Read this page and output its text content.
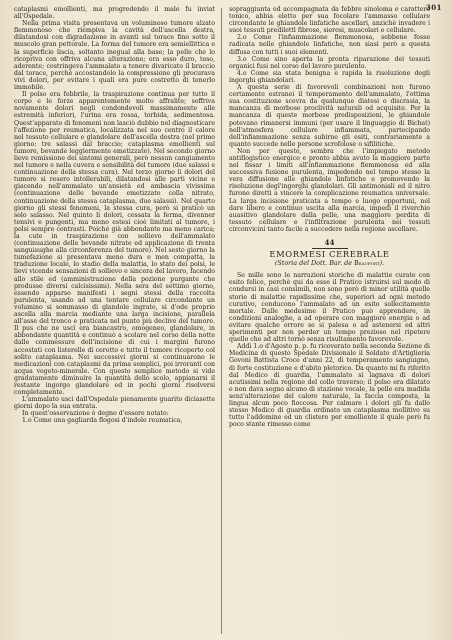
301

cataplasmi emollienti, ma progredendo il male fu inviat all'Ospedale.

Nella prima visita presentava un voluminoso tumore alzato flemmonoso che riempiva la cavità dell'ascella destra, dilatandosi con digradazione in avanti sul torace fino sotto il muscolo gran pettorale. La forma del tumore era semiellittica e la superficie liscia, soltanto inegual alla base; la pelle che lo ricopriva con offriva alcuna alterazione; era esso duro, teso, aderente; costringeva l'ammalato a tenere divaricato il braccio dal torace, perchè accostandolo la compressione gli procurava vivi dolori, per evitare i quali era pure costretto di tenerlo immobile.

Il polso era febbrile, la traspirazione continua per tutto il corpo e le forze apparentemente molto affralite; soffriva novamente dolori negli condondevoli massimamente alle estremità inferiori, l'urina era rossa, torbida, sedimentosa. Quest'apparato di fenomeni non lasciò dubbio nel diagnosticare l'affezione per reumatica, localizzata nel suo centro il calore nel tessuto cellulare e glandolare dell'ascella destra (nel primo giorno: tre salassi dal braccio; cataplasma emollienti sul tumore, bevande leggiermente emetizzate). Nel secondo giorno lieve remissione dei sintomi generali, però nessun cangiamento nel tumore e nella cuvera e sensibilità del tumore (due salassi e continuazione della stessa cura). Nel terzo giorno li dolori del tumore si resero intollerabili, dilatandosi alle parti vicine e giacendo nell'ammalato un'ansietà ed ambascia vivissima (continuazione delle bevande emetizzate colla nitrato, continuazione della stessa cataplasma, due salassi). Nel quarto giorno gli stessi fenomeni, la stessa cura, però si praticò un solo salasso. Nel quinto li dolori, cessata la ferma, divenner tensivi e pungenti, ma meno estesi cioè limitati al tumore, i polsi sempre contrasti. Poiché già abbondante ma meno carica; la cute in traspirazione con sollievo dell'ammalato (continuazione delle bevande nitrate ed applicazione di trenta sanguisughe alla circonferenza del tumore). Nel sesto giorno la tumefazione si presentava meno dura e men compatta, la traduzione locale, lo stadio della malattia, lo stato dei polsi, le lievi vicende sensazioni di sollievo e sincera del lavoro, facendo allo stile ed (amministrazione della pozione purgante che produsse diversi calcisissimi). Nella sera del settimo giorno, essendo apparso manifesti i segni stessi della raccolta purulenta, usando ad una tentare cellulare circondante un volumino si sommasso di glandole ingrate, si d'ode proprio ascella alla marcia mediante una larga incisione, parallela all'asse del tronco e praticata nel punto più declive del tumore. Il pus che ne uscì era biancastro, omogeneo, glandolare, in abbondante quantità e continuò a scolare nel corso della notte dalle commessure dell'incisione di cui i margini furono accostati con listerelle di cerotto e tutto il tumore ricoperto col solito cataplasma. Nei successivi giorni si continuarono le medicazioni con cataplasmi da prima semplici, poi irroranti con acqua vegeto-minerale. Con questo semplice metodo si vide gradatamente diminuire la quantità dello scolo, appianarsi il restante ingorgo glandolare ed in pochi giorni risolversi completamente.

L'ammalato uscì dall'Ospedale pienamente guarito diciasette giorni dopo la sua entrata.

In quest'osservazione è degno d'essere notato:

1.o Come una gagliarda flogosi d'indole reumatica,

sopraggiunta ed accompagnata da febbre sinoloma e carattere tonico, abbia eletto per sua focolare l'ammasso cellulare circondante le ghiandole linfatiche ascellari, anzichè invadere i suoi tessuti predilettl fibrose, sierosi, muscolari e cellulare.

2.o Come l'infiammazione flemmonosa, sebbene fosse radicata nelle ghiandole linfatiche, non siasi però a questa diffusa con tutti i suoi elementi.

3.o Come sino aperta la pronta riparazione dei tessuti organici fusi nel corso del lavoro purulento.

4.o Come sia stata benigna e rapida la risoluzione degli ingorghi ghiandolari.

A questa serie di favorevoli combinazioni non furono certamente estranei il temperamento dell'ammalato, l'ottima sua costituzione scevra da qualunque diatesi o discrasia, la mancanza di morbose proclività naturali od acquisite. Per la mancanza di queste morbose predisposizioni, le ghiandole potevano rimanersi immuni (per usare il linguaggio di Bichat) nell'atmosfera cellulare infiammata, partecipando dell'infiammazione senza subirne gli esiti, contrariamente a quanto succede nelle persone scrofolose o sifilitiche.

Non per questo, sembra che l'impiegato metodo antiflogistico energico e pronto abbia avuto la maggiore parte nel fissar i limiti all'infiammazione flemmonosa ed alla successiva fusione purulenta, impedendo nel tempo stesso la vera diffusione alle ghiandole linfatiche e promovendo la risoluzione degl'ingorghi glandolari. Gli antimoniali ed il nitro furono diretti a vincere la complicazione reumatica universale. La larga incisione praticata a tempo e luogo opportuni, nel dare libero e continuo uscita alla marcia, impedì il riverchio auasitivo glandolare dalla pelle, una maggiore perdita di tessuto cellulare e l'infiltrazione purulenta nei tessuti circonvicini tanto facile a succedere nella regione ascellare.

44
EMORMESI CEREBRALE
(Storia del Dott. Bar. de Beaufort).

Se mille sono le narrazioni storiche di malattie curate con esito felice, perchè qui da esse il Pratico istruirsi sul modo di condursi in casi consimili, non sono però di minor utilità quelle storie di malattie rapidissime che, superiori ad ogni metodo curativo, conducono l'ammalato ad un esito sollecitamente mortale. Dalle medesime il Pratico può apprendere, in condizioni analoghe, a ad operare con maggiore energia o ad evitare qualche errore se si palesa o ad astenersi ed altri sperimenti per non perder un tempo prezioso nel ripetere quello che ad altri tornò senza risultamento favorevole.

Addì 1.o d'Agosto p. p. fu ricoverato nella seconda Sezione di Medicina di questo Spedale Divisionale il Soldato d'Artiglieria Govoni Battista Croce d'anni 22, di temperamento sanguigno, di forte costituzione e d'abito pletorico. Da quanto mi fu riferito dal Medico di guardia, l'ammalato si lagnava di dolori acutissimi nella regione del collo traverso; il polso era dilatato e non dava segno alcuno di stazione vocale, la pelle era madida senz'alterazione del calore naturale, la faccia composta, la lingua alcun poco fioccosa. Per calmare i dolori gli fu dallo stesso Medico di guardia ordinato un cataplasma mollitivo su tutto l'addomine ed un clistere per emolliente il quale però fu poco stante rimesso come
